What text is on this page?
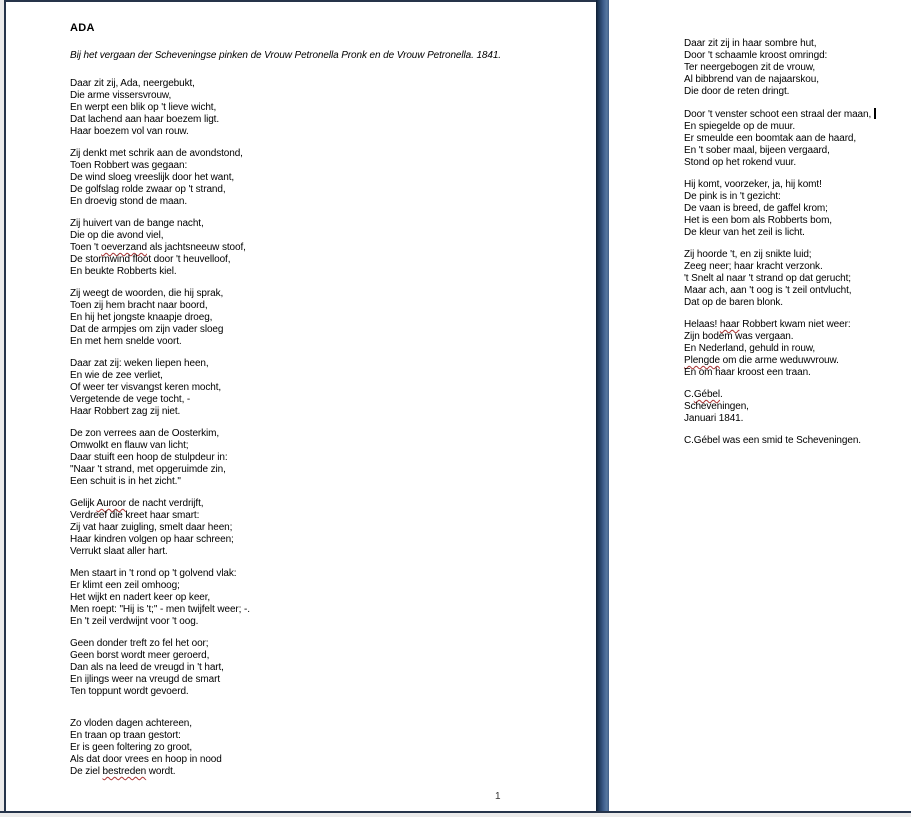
ADA
Bij het vergaan der Scheveningse pinken de Vrouw Petronella Pronk en de Vrouw Petronella. 1841.
Daar zit zij, Ada, neergebukt,
Die arme vissersvrouw,
En werpt een blik op 't lieve wicht,
Dat lachend aan haar boezem ligt.
Haar boezem vol van rouw.
Zij denkt met schrik aan de avondstond,
Toen Robbert was gegaan:
De wind sloeg vreeslijk door het want,
De golfslag rolde zwaar op 't strand,
En droevig stond de maan.
Zij huivert van de bange nacht,
Die op die avond viel,
Toen 't oeverzand als jachtsneeuw stoof,
De stormwind floot door 't heuvelloof,
En beukte Robberts kiel.
Zij weegt de woorden, die hij sprak,
Toen zij hem bracht naar boord,
En hij het jongste knaapje droeg,
Dat de armpjes om zijn vader sloeg
En met hem snelde voort.
Daar zat zij: weken liepen heen,
En wie de zee verliet,
Of weer ter visvangst keren mocht,
Vergetende de vege tocht, -
Haar Robbert zag zij niet.
De zon verrees aan de Oosterkim,
Omwolkt en flauw van licht;
Daar stuift een hoop de stulpdeur in:
"Naar 't strand, met opgeruimde zin,
Een schuit is in het zicht."
Gelijk Auroor de nacht verdrijft,
Verdreef die kreet haar smart:
Zij vat haar zuigling, smelt daar heen;
Haar kindren volgen op haar schreen;
Verrukt slaat aller hart.
Men staart in 't rond op 't golvend vlak:
Er klimt een zeil omhoog;
Het wijkt en nadert keer op keer,
Men roept: "Hij is 't;" - men twijfelt weer; -.
En 't zeil verdwijnt voor 't oog.
Geen donder treft zo fel het oor;
Geen borst wordt meer geroerd,
Dan als na leed de vreugd in 't hart,
En ijlings weer na vreugd de smart
Ten toppunt wordt gevoerd.
Zo vloden dagen achtereen,
En traan op traan gestort:
Er is geen foltering zo groot,
Als dat door vrees en hoop in nood
De ziel bestreden wordt.
1
Daar zit zij in haar sombre hut,
Door 't schaamle kroost omringd:
Ter neergebogen zit de vrouw,
Al bibbrend van de najaarskou,
Die door de reten dringt.
Door 't venster schoot een straal der maan,
En spiegelde op de muur.
Er smeulde een boomtak aan de haard,
En 't sober maal, bijeen vergaard,
Stond op het rokend vuur.
Hij komt, voorzeker, ja, hij komt!
De pink is in 't gezicht:
De vaan is breed, de gaffel krom;
Het is een bom als Robberts bom,
De kleur van het zeil is licht.
Zij hoorde 't, en zij snikte luid;
Zeeg neer; haar kracht verzonk.
't Snelt al naar 't strand op dat gerucht;
Maar ach, aan 't oog is 't zeil ontvlucht,
Dat op de baren blonk.
Helaas! haar Robbert kwam niet weer:
Zijn bodem was vergaan.
En Nederland, gehuld in rouw,
Plengde om die arme weduwvrouw.
En om haar kroost een traan.
C.Gébel.
Scheveningen,
Januari 1841.
C.Gébel was een smid te Scheveningen.
